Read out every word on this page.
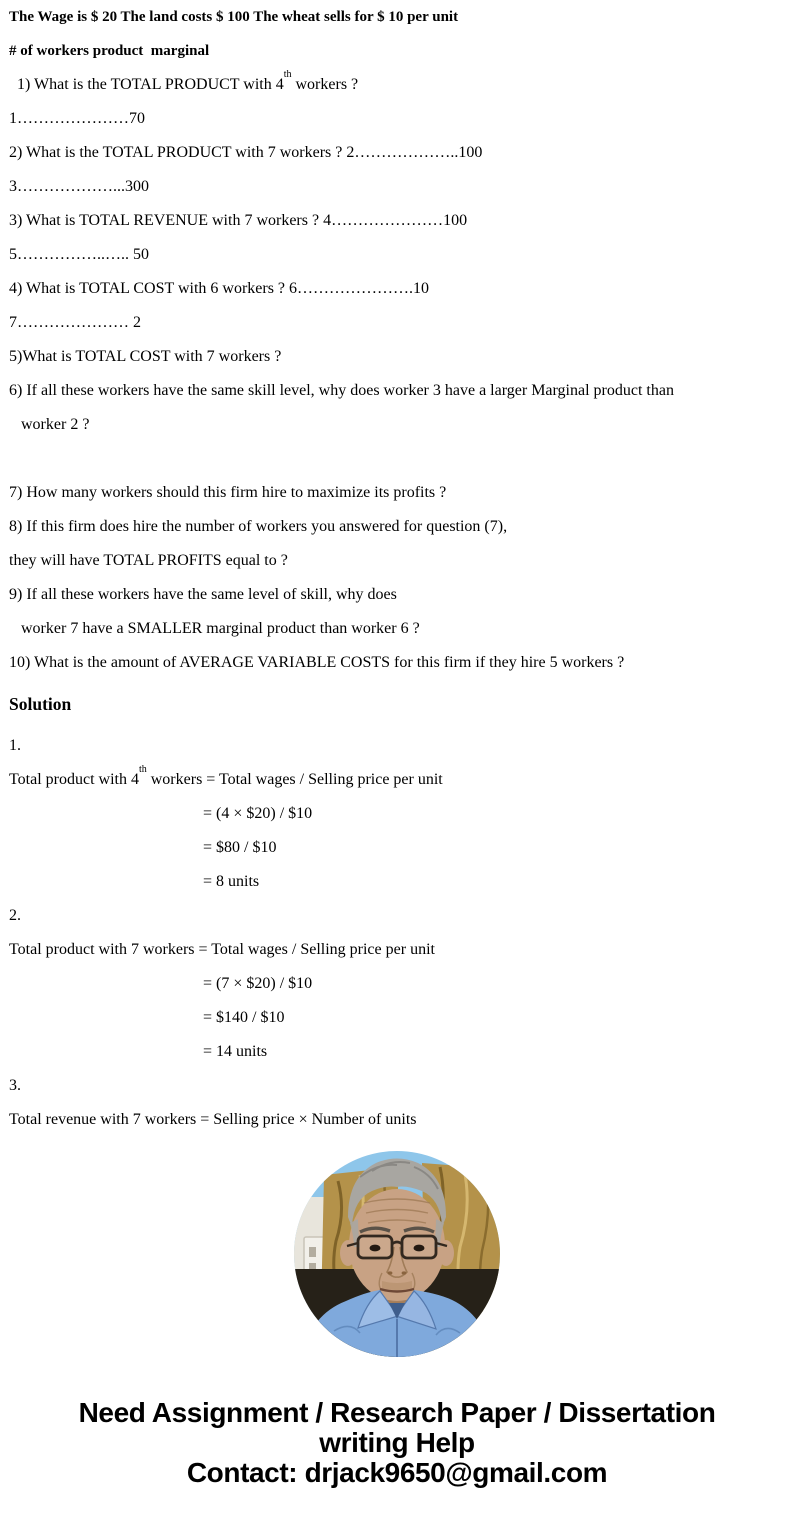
The Wage is $ 20 The land costs $ 100 The wheat sells for $ 10 per unit

# of workers product  marginal

1) What is the TOTAL PRODUCT with 4th workers ?

1…………………70

2) What is the TOTAL PRODUCT with 7 workers ? 2………………..100

3………………...300

3) What is TOTAL REVENUE with 7 workers ? 4…………………100

5……………..….. 50

4) What is TOTAL COST with 6 workers ? 6………………….10

7………………… 2

5)What is TOTAL COST with 7 workers ?

6) If all these workers have the same skill level, why does worker 3 have a larger Marginal product than

worker 2 ?

7) How many workers should this firm hire to maximize its profits ?

8) If this firm does hire the number of workers you answered for question (7),

they will have TOTAL PROFITS equal to ?

9) If all these workers have the same level of skill, why does

worker 7 have a SMALLER marginal product than worker 6 ?

10) What is the amount of AVERAGE VARIABLE COSTS for this firm if they hire 5 workers ?

Solution

1.

Total product with 4th workers = Total wages / Selling price per unit

= (4 × $20) / $10

= $80 / $10

= 8 units

2.

Total product with 7 workers = Total wages / Selling price per unit

= (7 × $20) / $10

= $140 / $10

= 14 units

3.

Total revenue with 7 workers = Selling price × Number of units

Need Assignment / Research Paper / Dissertation
writing Help
Contact: drjack9650@gmail.com
